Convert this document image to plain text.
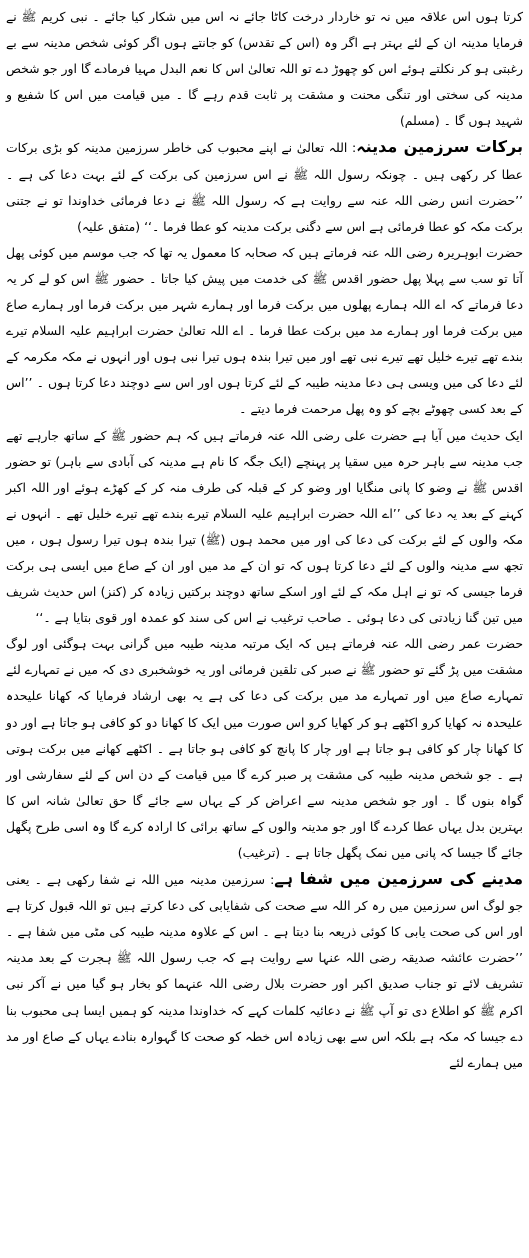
کرتا ہوں اس علاقہ میں نہ تو خاردار درخت کاٹا جائے نہ اس میں شکار کیا جائے ۔ نبی کریم ﷺ نے فرمایا مدینہ ان کے لئے بہتر ہے اگر وہ (اس کے تقدس) کو جانتے ہوں اگر کوئی شخص مدینہ سے بے رغبتی ہو کر نکلتے ہوئے اس کو چھوڑ دے تو اللہ تعالیٰ اس کا نعم البدل مہیا فرمادے گا اور جو شخص مدینہ کی سختی اور تنگی محنت و مشقت پر ثابت قدم رہے گا ۔ میں قیامت میں اس کا شفیع و شہید ہوں گا ۔ (مسلم)

برکات سرزمین مدینہ: اللہ تعالیٰ نے اپنے محبوب کی خاطر سرزمین مدینہ کو بڑی برکات عطا کر رکھی ہیں ۔ چونکہ رسول اللہ ﷺ نے اس سرزمین کی برکت کے لئے بہت دعا کی ہے ۔ ’’حضرت انس رضی اللہ عنہ سے روایت ہے کہ رسول اللہ ﷺ نے دعا فرمائی خداوندا تو نے جتنی برکت مکہ کو عطا فرمائی ہے اس سے دگنی برکت مدینہ کو عطا فرما ۔‘‘ (متفق علیہ)

حضرت ابوہریرہ رضی اللہ عنہ فرماتے ہیں کہ صحابہ کا معمول یہ تھا کہ جب موسم میں کوئی پھل آتا تو سب سے پہلا پھل حضور اقدس ﷺ کی خدمت میں پیش کیا جاتا ۔ حضور ﷺ اس کو لے کر یہ دعا فرماتے کہ اے اللہ ہمارے پھلوں میں برکت فرما اور ہمارے شہر میں برکت فرما اور ہمارے صاع میں برکت فرما اور ہمارے مد میں برکت عطا فرما ۔ اے اللہ تعالیٰ حضرت ابراہیم علیہ السلام تیرے بندے تھے تیرے خلیل تھے تیرے نبی تھے اور میں تیرا بندہ ہوں تیرا نبی ہوں اور انہوں نے مکہ مکرمہ کے لئے دعا کی میں ویسی ہی دعا مدینہ طیبہ کے لئے کرتا ہوں اور اس سے دوچند دعا کرتا ہوں ۔ ’’اس کے بعد کسی چھوٹے بچے کو وہ پھل مرحمت فرما دیتے ۔

ایک حدیث میں آیا ہے حضرت علی رضی اللہ عنہ فرماتے ہیں کہ ہم حضور ﷺ کے ساتھ جارہے تھے جب مدینہ سے باہر حرہ میں سقیا پر پہنچے (ایک جگہ کا نام ہے مدینہ کی آبادی سے باہر) تو حضور اقدس ﷺ نے وضو کا پانی منگایا اور وضو کر کے قبلہ کی طرف منہ کر کے کھڑے ہوئے اور اللہ اکبر کہنے کے بعد یہ دعا کی ’’اے اللہ حضرت ابراہیم علیہ السلام تیرے بندے تھے تیرے خلیل تھے ۔ انہوں نے مکہ والوں کے لئے برکت کی دعا کی اور میں محمد ہوں (ﷺ) تیرا بندہ ہوں تیرا رسول ہوں ، میں تجھ سے مدینہ والوں کے لئے دعا کرتا ہوں کہ تو ان کے مد میں اور ان کے صاع میں ایسی ہی برکت فرما جیسی کہ تو نے اہل مکہ کے لئے اور اسکے ساتھ دوچند برکتیں زیادہ کر (کنز) اس حدیث شریف میں تین گنا زیادتی کی دعا ہوئی ۔ صاحب ترغیب نے اس کی سند کو عمدہ اور قوی بتایا ہے ۔‘‘

حضرت عمر رضی اللہ عنہ فرماتے ہیں کہ ایک مرتبہ مدینہ طیبہ میں گرانی بہت ہوگئی اور لوگ مشقت میں پڑ گئے تو حضور ﷺ نے صبر کی تلقین فرمائی اور یہ خوشخبری دی کہ میں نے تمہارے لئے تمہارے صاع میں اور تمہارے مد میں برکت کی دعا کی ہے یہ بھی ارشاد فرمایا کہ کھانا علیحدہ علیحدہ نہ کھایا کرو اکٹھے ہو کر کھایا کرو اس صورت میں ایک کا کھانا دو کو کافی ہو جاتا ہے اور دو کا کھانا چار کو کافی ہو جاتا ہے اور چار کا پانچ کو کافی ہو جاتا ہے ۔ اکٹھے کھانے میں برکت ہوتی ہے ۔ جو شخص مدینہ طیبہ کی مشقت پر صبر کرے گا میں قیامت کے دن اس کے لئے سفارشی اور گواہ بنوں گا ۔ اور جو شخص مدینہ سے اعراض کر کے یہاں سے جائے گا حق تعالیٰ شانہ اس کا بہترین بدل یہاں عطا کردے گا اور جو مدینہ والوں کے ساتھ برائی کا ارادہ کرے گا وہ اسی طرح پگھل جائے گا جیسا کہ پانی میں نمک پگھل جاتا ہے ۔ (ترغیب)

مدینے کی سرزمین میں شفا ہے: سرزمین مدینہ میں اللہ نے شفا رکھی ہے ۔ یعنی جو لوگ اس سرزمین میں رہ کر اللہ سے صحت کی شفایابی کی دعا کرتے ہیں تو اللہ قبول کرتا ہے اور اس کی صحت یابی کا کوئی ذریعہ بنا دیتا ہے ۔ اس کے علاوہ مدینہ طیبہ کی مٹی میں شفا ہے ۔ ’’حضرت عائشہ صدیقہ رضی اللہ عنہا سے روایت ہے کہ جب رسول اللہ ﷺ ہجرت کے بعد مدینہ تشریف لائے تو جناب صدیق اکبر اور حضرت بلال رضی اللہ عنہما کو بخار ہو گیا میں نے آکر نبی اکرم ﷺ کو اطلاع دی تو آپ ﷺ نے دعائیہ کلمات کہے کہ خداوندا مدینہ کو ہمیں ایسا ہی محبوب بنا دے جیسا کہ مکہ ہے بلکہ اس سے بھی زیادہ اس خطہ کو صحت کا گہوارہ بنادے یہاں کے صاع اور مد میں ہمارے لئے
